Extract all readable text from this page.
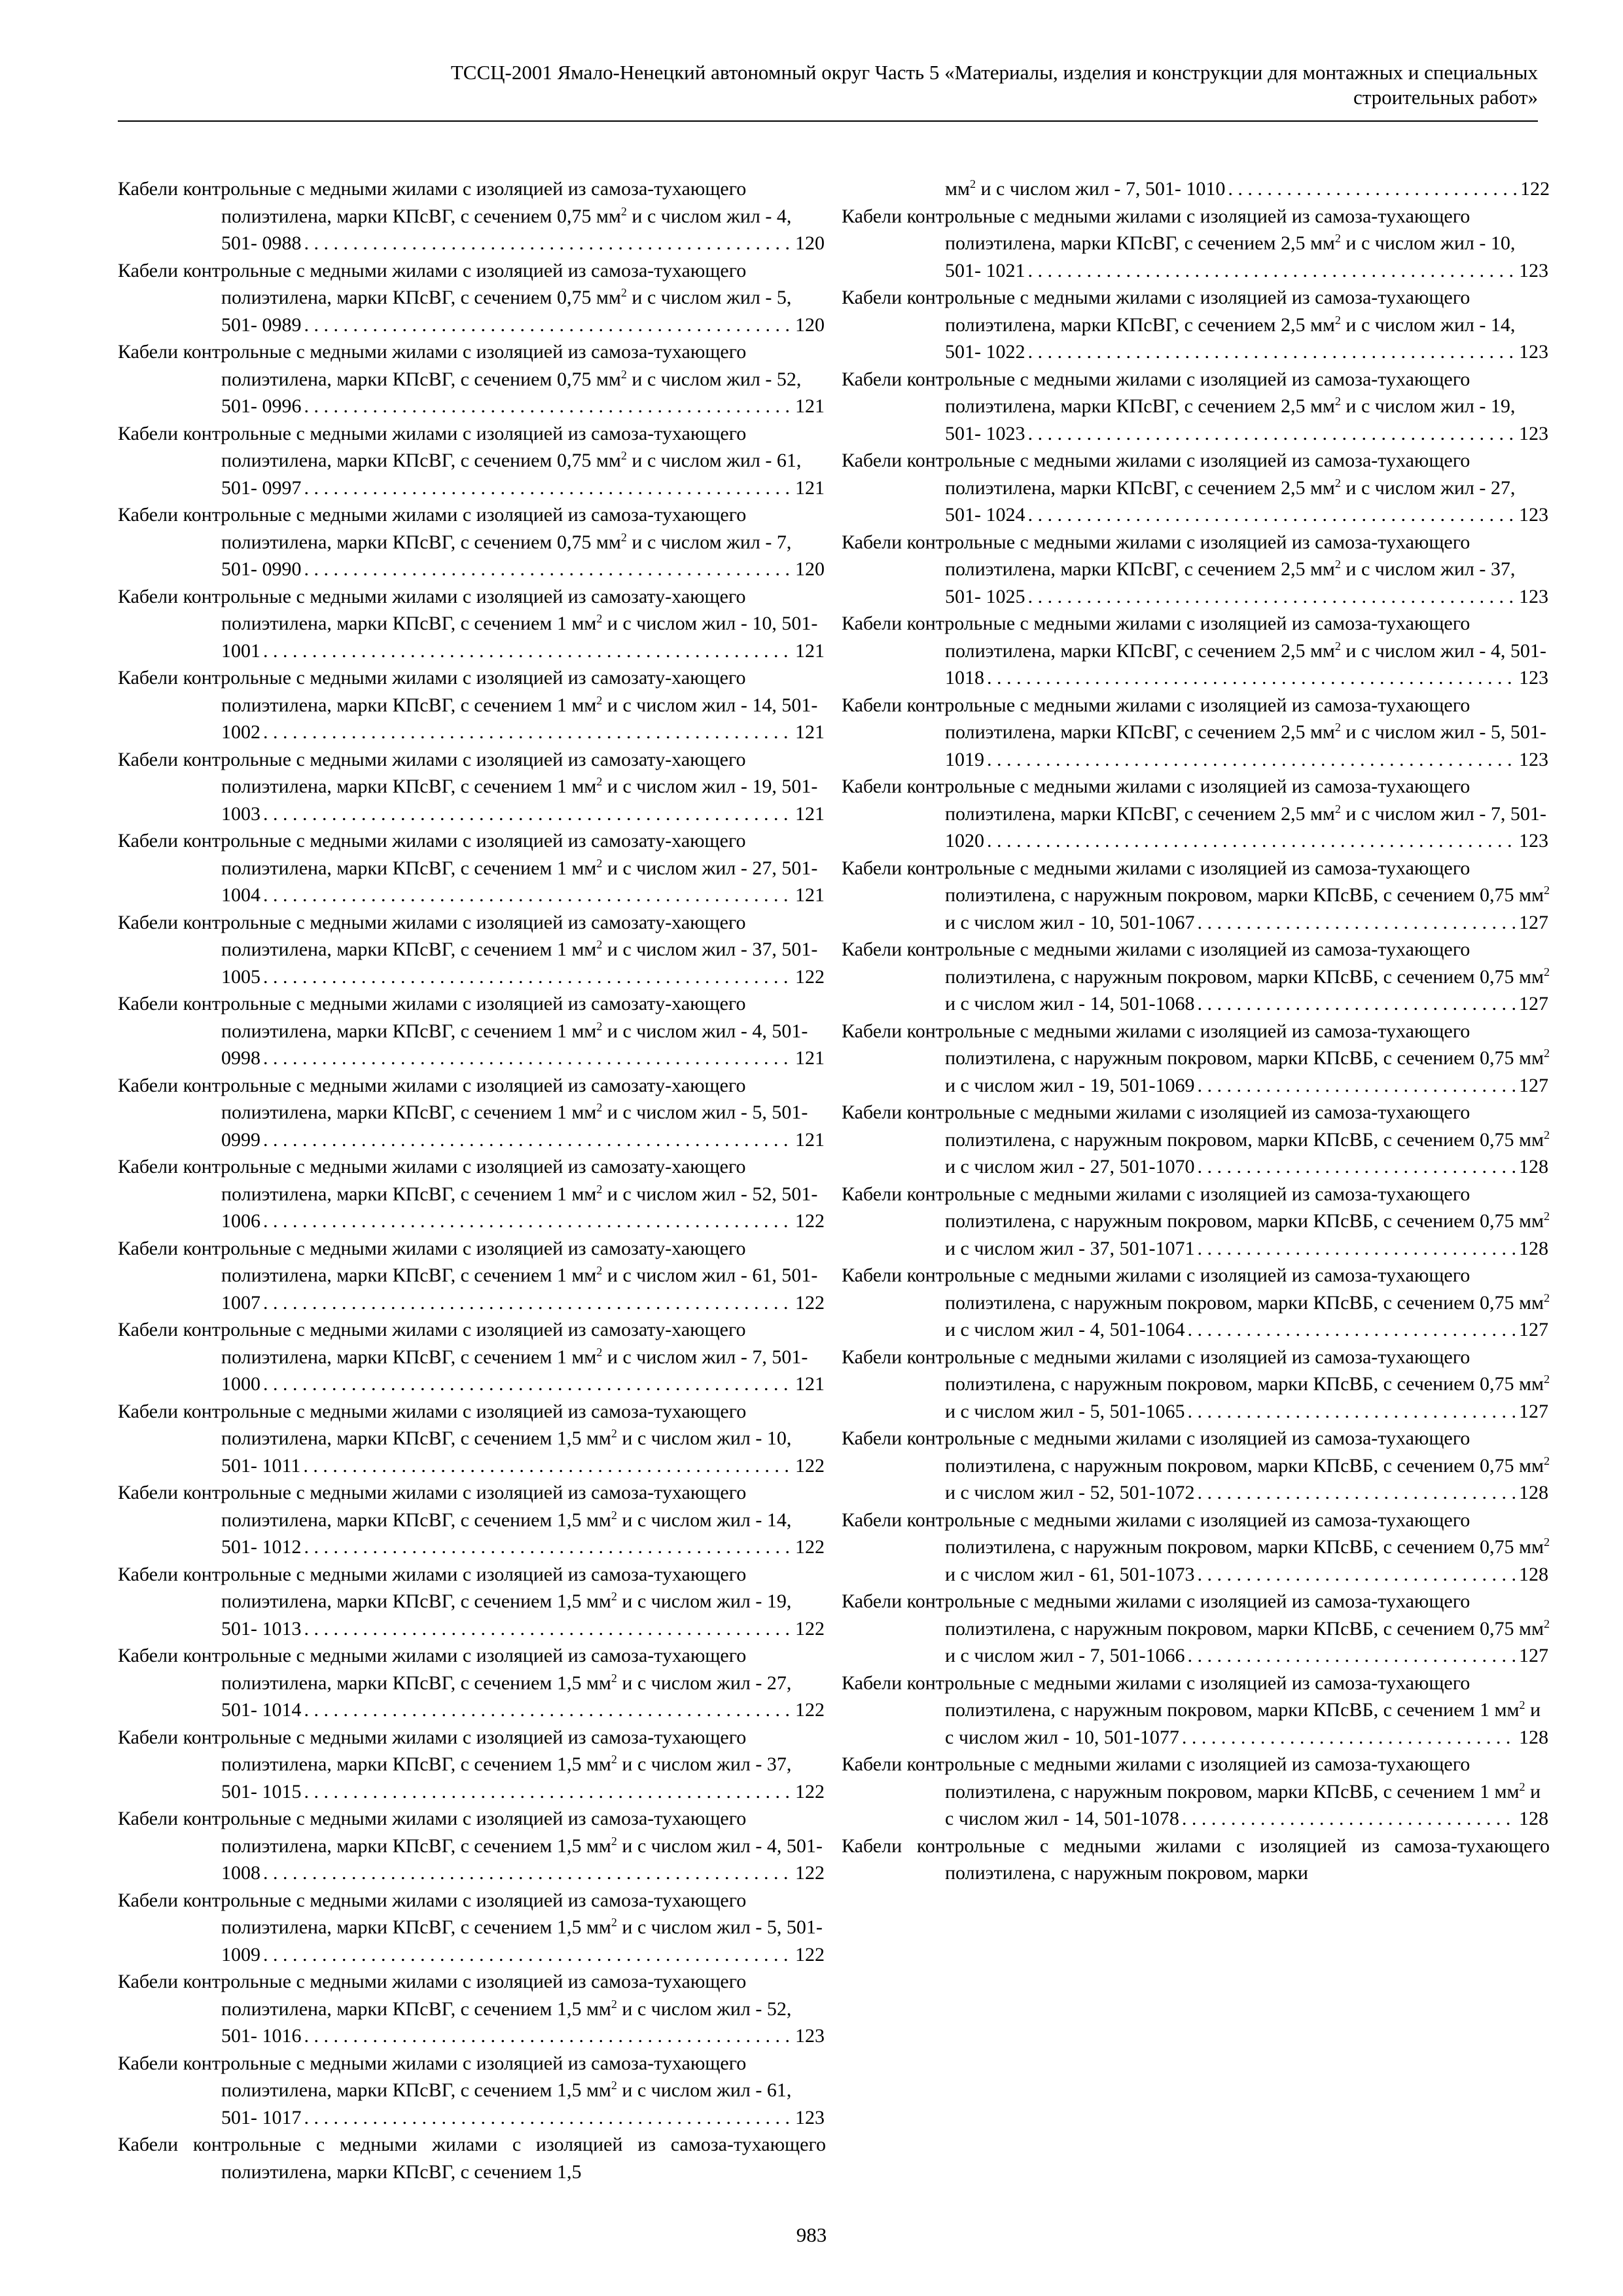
ТССЦ-2001 Ямало-Ненецкий автономный округ Часть 5 «Материалы, изделия и конструкции для монтажных и специальных
строительных работ»
Кабели контрольные с медными жилами с изоляцией из самоза-тухающего полиэтилена, марки КПсВГ, с сечением 0,75 $мм^2$ и с числом жил - 4, 501- 0988 . . .	120
Кабели контрольные с медными жилами с изоляцией из самоза-тухающего полиэтилена, марки КПсВГ, с сечением 0,75 $мм^2$ и с числом жил - 5, 501- 0989 . . .	120
Кабели контрольные с медными жилами с изоляцией из самоза-тухающего полиэтилена, марки КПсВГ, с сечением 0,75 $мм^2$ и с числом жил - 52, 501- 0996 . . .	121
Кабели контрольные с медными жилами с изоляцией из самоза-тухающего полиэтилена, марки КПсВГ, с сечением 0,75 $мм^2$ и с числом жил - 61, 501- 0997 . . .	121
Кабели контрольные с медными жилами с изоляцией из самоза-тухающего полиэтилена, марки КПсВГ, с сечением 0,75 $мм^2$ и с числом жил - 7, 501- 0990 . . .	120
Кабели контрольные с медными жилами с изоляцией из самозату-хающего полиэтилена, марки КПсВГ, с сечением 1 $мм^2$ и с числом жил - 10, 501- 1001 . . .	121
Кабели контрольные с медными жилами с изоляцией из самозату-хающего полиэтилена, марки КПсВГ, с сечением 1 $мм^2$ и с числом жил - 14, 501- 1002 . . .	121
Кабели контрольные с медными жилами с изоляцией из самозату-хающего полиэтилена, марки КПсВГ, с сечением 1 $мм^2$ и с числом жил - 19, 501- 1003 . . .	121
Кабели контрольные с медными жилами с изоляцией из самозату-хающего полиэтилена, марки КПсВГ, с сечением 1 $мм^2$ и с числом жил - 27, 501- 1004 . . .	121
Кабели контрольные с медными жилами с изоляцией из самозату-хающего полиэтилена, марки КПсВГ, с сечением 1 $мм^2$ и с числом жил - 37, 501- 1005 . . .	122
Кабели контрольные с медными жилами с изоляцией из самозату-хающего полиэтилена, марки КПсВГ, с сечением 1 $мм^2$ и с числом жил - 4, 501- 0998 . . .	121
Кабели контрольные с медными жилами с изоляцией из самозату-хающего полиэтилена, марки КПсВГ, с сечением 1 $мм^2$ и с числом жил - 5, 501- 0999 . . .	121
Кабели контрольные с медными жилами с изоляцией из самозату-хающего полиэтилена, марки КПсВГ, с сечением 1 $мм^2$ и с числом жил - 52, 501- 1006 . . .	122
Кабели контрольные с медными жилами с изоляцией из самозату-хающего полиэтилена, марки КПсВГ, с сечением 1 $мм^2$ и с числом жил - 61, 501- 1007 . . .	122
Кабели контрольные с медными жилами с изоляцией из самозату-хающего полиэтилена, марки КПсВГ, с сечением 1 $мм^2$ и с числом жил - 7, 501- 1000 . . .	121
Кабели контрольные с медными жилами с изоляцией из самоза-тухающего полиэтилена, марки КПсВГ, с сечением 1,5 $мм^2$ и с числом жил - 10, 501- 1011 . . .	122
Кабели контрольные с медными жилами с изоляцией из самоза-тухающего полиэтилена, марки КПсВГ, с сечением 1,5 $мм^2$ и с числом жил - 14, 501- 1012 . . .	122
Кабели контрольные с медными жилами с изоляцией из самоза-тухающего полиэтилена, марки КПсВГ, с сечением 1,5 $мм^2$ и с числом жил - 19, 501- 1013 . . .	122
Кабели контрольные с медными жилами с изоляцией из самоза-тухающего полиэтилена, марки КПсВГ, с сечением 1,5 $мм^2$ и с числом жил - 27, 501- 1014 . . .	122
Кабели контрольные с медными жилами с изоляцией из самоза-тухающего полиэтилена, марки КПсВГ, с сечением 1,5 $мм^2$ и с числом жил - 37, 501- 1015 . . .	122
Кабели контрольные с медными жилами с изоляцией из самоза-тухающего полиэтилена, марки КПсВГ, с сечением 1,5 $мм^2$ и с числом жил - 4, 501- 1008 . . .	122
Кабели контрольные с медными жилами с изоляцией из самоза-тухающего полиэтилена, марки КПсВГ, с сечением 1,5 $мм^2$ и с числом жил - 5, 501- 1009 . . .	122
Кабели контрольные с медными жилами с изоляцией из самоза-тухающего полиэтилена, марки КПсВГ, с сечением 1,5 $мм^2$ и с числом жил - 52, 501- 1016 . . .	123
Кабели контрольные с медными жилами с изоляцией из самоза-тухающего полиэтилена, марки КПсВГ, с сечением 1,5 $мм^2$ и с числом жил - 61, 501- 1017 . . .	123
Кабели контрольные с медными жилами с изоляцией из самоза-тухающего полиэтилена, марки КПсВГ, с сечением 1,5
$мм^2$ и с числом жил - 7, 501- 1010 . . .	122
Кабели контрольные с медными жилами с изоляцией из самоза-тухающего полиэтилена, марки КПсВГ, с сечением 2,5 $мм^2$ и с числом жил - 10, 501- 1021 . . .	123
Кабели контрольные с медными жилами с изоляцией из самоза-тухающего полиэтилена, марки КПсВГ, с сечением 2,5 $мм^2$ и с числом жил - 14, 501- 1022 . . .	123
Кабели контрольные с медными жилами с изоляцией из самоза-тухающего полиэтилена, марки КПсВГ, с сечением 2,5 $мм^2$ и с числом жил - 19, 501- 1023 . . .	123
Кабели контрольные с медными жилами с изоляцией из самоза-тухающего полиэтилена, марки КПсВГ, с сечением 2,5 $мм^2$ и с числом жил - 27, 501- 1024 . . .	123
Кабели контрольные с медными жилами с изоляцией из самоза-тухающего полиэтилена, марки КПсВГ, с сечением 2,5 $мм^2$ и с числом жил - 37, 501- 1025 . . .	123
Кабели контрольные с медными жилами с изоляцией из самоза-тухающего полиэтилена, марки КПсВГ, с сечением 2,5 $мм^2$ и с числом жил - 4, 501- 1018 . . .	123
Кабели контрольные с медными жилами с изоляцией из самоза-тухающего полиэтилена, марки КПсВГ, с сечением 2,5 $мм^2$ и с числом жил - 5, 501- 1019 . . .	123
Кабели контрольные с медными жилами с изоляцией из самоза-тухающего полиэтилена, марки КПсВГ, с сечением 2,5 $мм^2$ и с числом жил - 7, 501- 1020 . . .	123
Кабели контрольные с медными жилами с изоляцией из самоза-тухающего полиэтилена, с наружным покровом, марки КПсВБ, с сечением 0,75 $мм^2$ и с числом жил - 10, 501-1067 . . .	127
Кабели контрольные с медными жилами с изоляцией из самоза-тухающего полиэтилена, с наружным покровом, марки КПсВБ, с сечением 0,75 $мм^2$ и с числом жил - 14, 501-1068 . . .	127
Кабели контрольные с медными жилами с изоляцией из самоза-тухающего полиэтилена, с наружным покровом, марки КПсВБ, с сечением 0,75 $мм^2$ и с числом жил - 19, 501-1069 . . .	127
Кабели контрольные с медными жилами с изоляцией из самоза-тухающего полиэтилена, с наружным покровом, марки КПсВБ, с сечением 0,75 $мм^2$ и с числом жил - 27, 501-1070 . . .	128
Кабели контрольные с медными жилами с изоляцией из самоза-тухающего полиэтилена, с наружным покровом, марки КПсВБ, с сечением 0,75 $мм^2$ и с числом жил - 37, 501-1071 . . .	128
Кабели контрольные с медными жилами с изоляцией из самоза-тухающего полиэтилена, с наружным покровом, марки КПсВБ, с сечением 0,75 $мм^2$ и с числом жил - 4, 501-1064 . . .	127
Кабели контрольные с медными жилами с изоляцией из самоза-тухающего полиэтилена, с наружным покровом, марки КПсВБ, с сечением 0,75 $мм^2$ и с числом жил - 5, 501-1065 . . .	127
Кабели контрольные с медными жилами с изоляцией из самоза-тухающего полиэтилена, с наружным покровом, марки КПсВБ, с сечением 0,75 $мм^2$ и с числом жил - 52, 501-1072 . . .	128
Кабели контрольные с медными жилами с изоляцией из самоза-тухающего полиэтилена, с наружным покровом, марки КПсВБ, с сечением 0,75 $мм^2$ и с числом жил - 61, 501-1073 . . .	128
Кабели контрольные с медными жилами с изоляцией из самоза-тухающего полиэтилена, с наружным покровом, марки КПсВБ, с сечением 0,75 $мм^2$ и с числом жил - 7, 501-1066 . . .	127
Кабели контрольные с медными жилами с изоляцией из самоза-тухающего полиэтилена, с наружным покровом, марки КПсВБ, с сечением 1 $мм^2$ и с числом жил - 10, 501-1077 . . .	128
Кабели контрольные с медными жилами с изоляцией из самоза-тухающего полиэтилена, с наружным покровом, марки КПсВБ, с сечением 1 $мм^2$ и с числом жил - 14, 501-1078 . . .	128
Кабели контрольные с медными жилами с изоляцией из самоза-тухающего полиэтилена, с наружным покровом, марки
983
